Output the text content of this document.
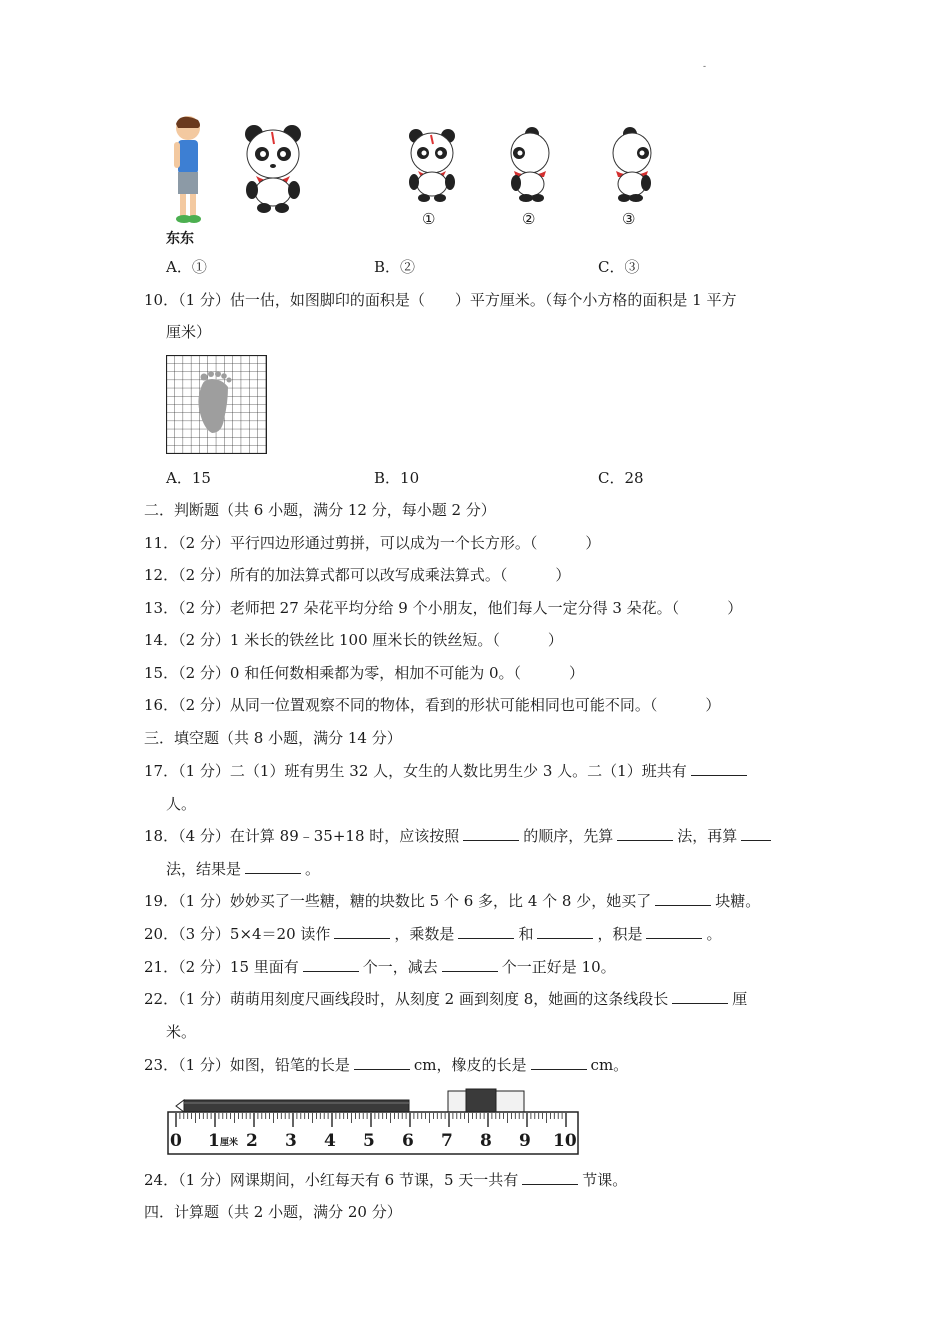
-
东东
①	②	③
A．①	B．②	C．③
10．（1 分）估一估，如图脚印的面积是（　　）平方厘米。（每个小方格的面积是 1 平方
厘米）
A．15	B．10	C．28
二．判断题（共 6 小题，满分 12 分，每小题 2 分）
11．（2 分）平行四边形通过剪拼，可以成为一个长方形。（	）
12．（2 分）所有的加法算式都可以改写成乘法算式。（	）
13．（2 分）老师把 27 朵花平均分给 9 个小朋友，他们每人一定分得 3 朵花。（	）
14．（2 分）1 米长的铁丝比 100 厘米长的铁丝短。（	）
15．（2 分）0 和任何数相乘都为零，相加不可能为 0。（	）
16．（2 分）从同一位置观察不同的物体，看到的形状可能相同也可能不同。（	）
三．填空题（共 8 小题，满分 14 分）
17．（1 分）二（1）班有男生 32 人，女生的人数比男生少 3 人。二（1）班共有
人。
18．（4 分）在计算 89﹣35+18 时，应该按照	的顺序，先算	法，再算
法，结果是	。
19．（1 分）妙妙买了一些糖，糖的块数比 5 个 6 多，比 4 个 8 少，她买了	块糖。
20．（3 分）5×4＝20 读作	，乘数是	和	，积是	。
21．（2 分）15 里面有	个一，减去	个一正好是 10。
22．（1 分）萌萌用刻度尺画线段时，从刻度 2 画到刻度 8，她画的这条线段长	厘
米。
23．（1 分）如图，铅笔的长是	cm，橡皮的长是	cm。
0 1 厘米 2 3 4 5 6 7 8 9 10
24．（1 分）网课期间，小红每天有 6 节课，5 天一共有	节课。
四．计算题（共 2 小题，满分 20 分）
